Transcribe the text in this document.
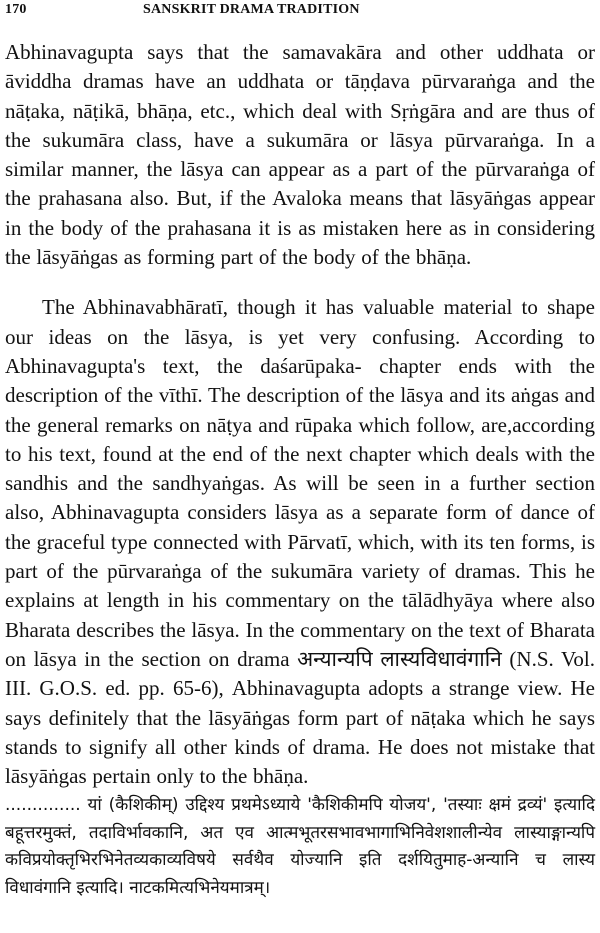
170	SANSKRIT DRAMA TRADITION

Abhinavagupta says that the samavakāra and other uddhata or āviddha dramas have an uddhata or tāṇḍava pūrvaraṅga and the nāṭaka, nāṭikā, bhāṇa, etc., which deal with Sṛṅgāra and are thus of the sukumāra class, have a sukumāra or lāsya pūrvaraṅga. In a similar manner, the lāsya can appear as a part of the pūrvaraṅga of the prahasana also. But, if the Avaloka means that lāsyāṅgas appear in the body of the prahasana it is as mistaken here as in considering the lāsyāṅgas as forming part of the body of the bhāṇa.

The Abhinavabhāratī, though it has valuable material to shape our ideas on the lāsya, is yet very confusing. According to Abhinavagupta's text, the daśarūpaka- chapter ends with the description of the vīthī. The description of the lāsya and its aṅgas and the general remarks on nāṭya and rūpaka which follow, are,according to his text, found at the end of the next chapter which deals with the sandhis and the sandhyaṅgas. As will be seen in a further section also, Abhinavagupta considers lāsya as a separate form of dance of the graceful type connected with Pārvatī, which, with its ten forms, is part of the pūrvaraṅga of the sukumāra variety of dramas. This he explains at length in his commentary on the tālādhyāya where also Bharata describes the lāsya. In the commentary on the text of Bharata on lāsya in the section on drama अन्यान्यपि लास्यविधावंगानि (N.S. Vol. III. G.O.S. ed. pp. 65-6), Abhinavagupta adopts a strange view. He says definitely that the lāsyāṅgas form part of nāṭaka which he says stands to signify all other kinds of drama. He does not mistake that lāsyāṅgas pertain only to the bhāṇa.

.............. यां (कैशिकीम्) उद्दिश्य प्रथमेऽध्याये 'कैशिकीमपि योजय', 'तस्याः क्षमं द्रव्यं' इत्यादि बहूत्तरमुक्तं, तदाविर्भावकानि, अत एव आत्मभूतरसभावभागाभिनिवेशशालीन्येव लास्याङ्गान्यपि कविप्रयोक्तृभिरभिनेतव्यकाव्यविषये सर्वथैव योज्यानि इति दर्शयितुमाह-अन्यानि च लास्य विधावंगानि इत्यादि। नाटकमित्यभिनेयमात्रम्।
